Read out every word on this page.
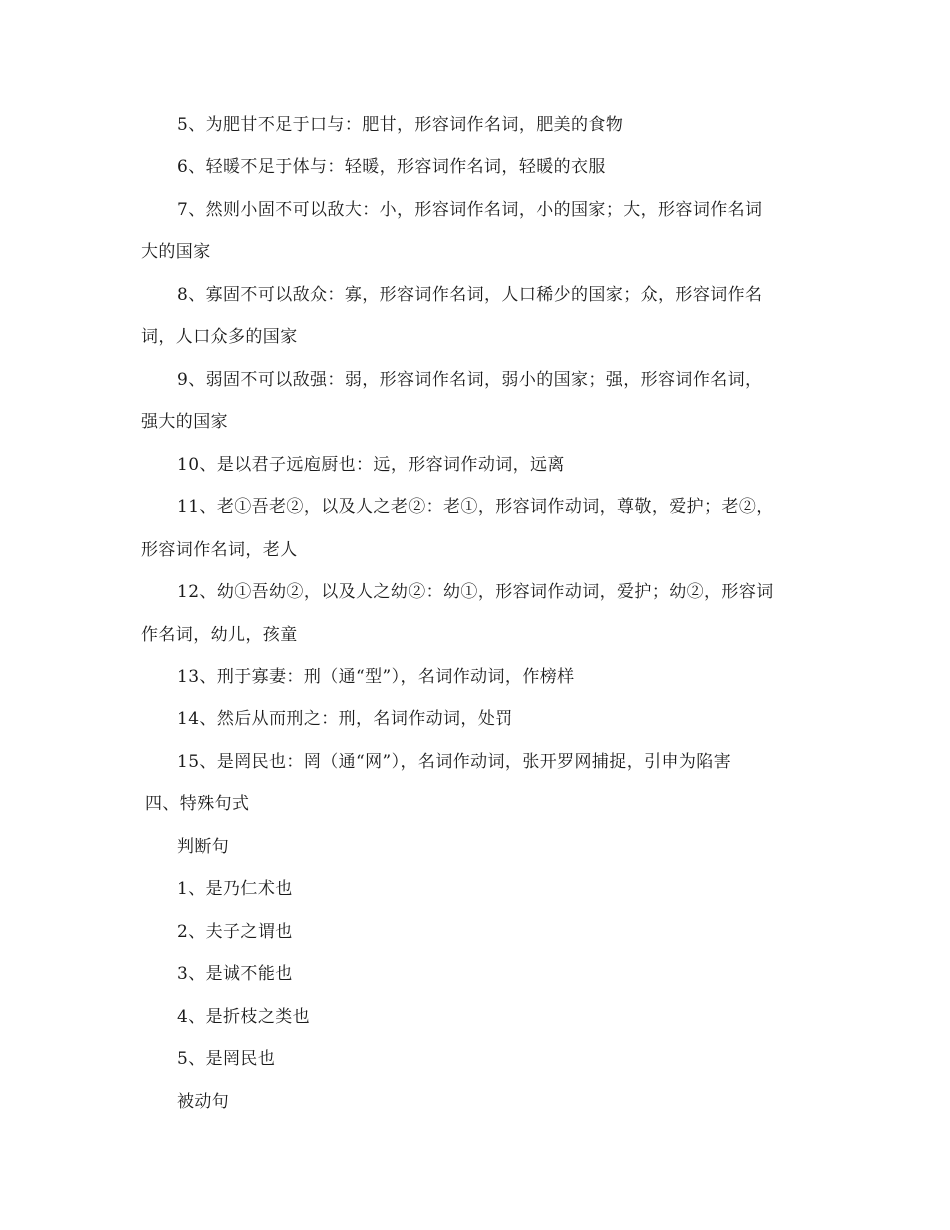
5、为肥甘不足于口与：肥甘，形容词作名词，肥美的食物
6、轻暖不足于体与：轻暖，形容词作名词，轻暖的衣服
7、然则小固不可以敌大：小，形容词作名词，小的国家；大，形容词作名词
大的国家
8、寡固不可以敌众：寡，形容词作名词，人口稀少的国家；众，形容词作名
词，人口众多的国家
9、弱固不可以敌强：弱，形容词作名词，弱小的国家；强，形容词作名词，
强大的国家
10、是以君子远庖厨也：远，形容词作动词，远离
11、老①吾老②，以及人之老②：老①，形容词作动词，尊敬，爱护；老②，
形容词作名词，老人
12、幼①吾幼②，以及人之幼②：幼①，形容词作动词，爱护；幼②，形容词
作名词，幼儿，孩童
13、刑于寡妻：刑（通“型”），名词作动词，作榜样
14、然后从而刑之：刑，名词作动词，处罚
15、是罔民也：罔（通“网”），名词作动词，张开罗网捕捉，引申为陷害
四、特殊句式
判断句
1、是乃仁术也
2、夫子之谓也
3、是诚不能也
4、是折枝之类也
5、是罔民也
被动句
